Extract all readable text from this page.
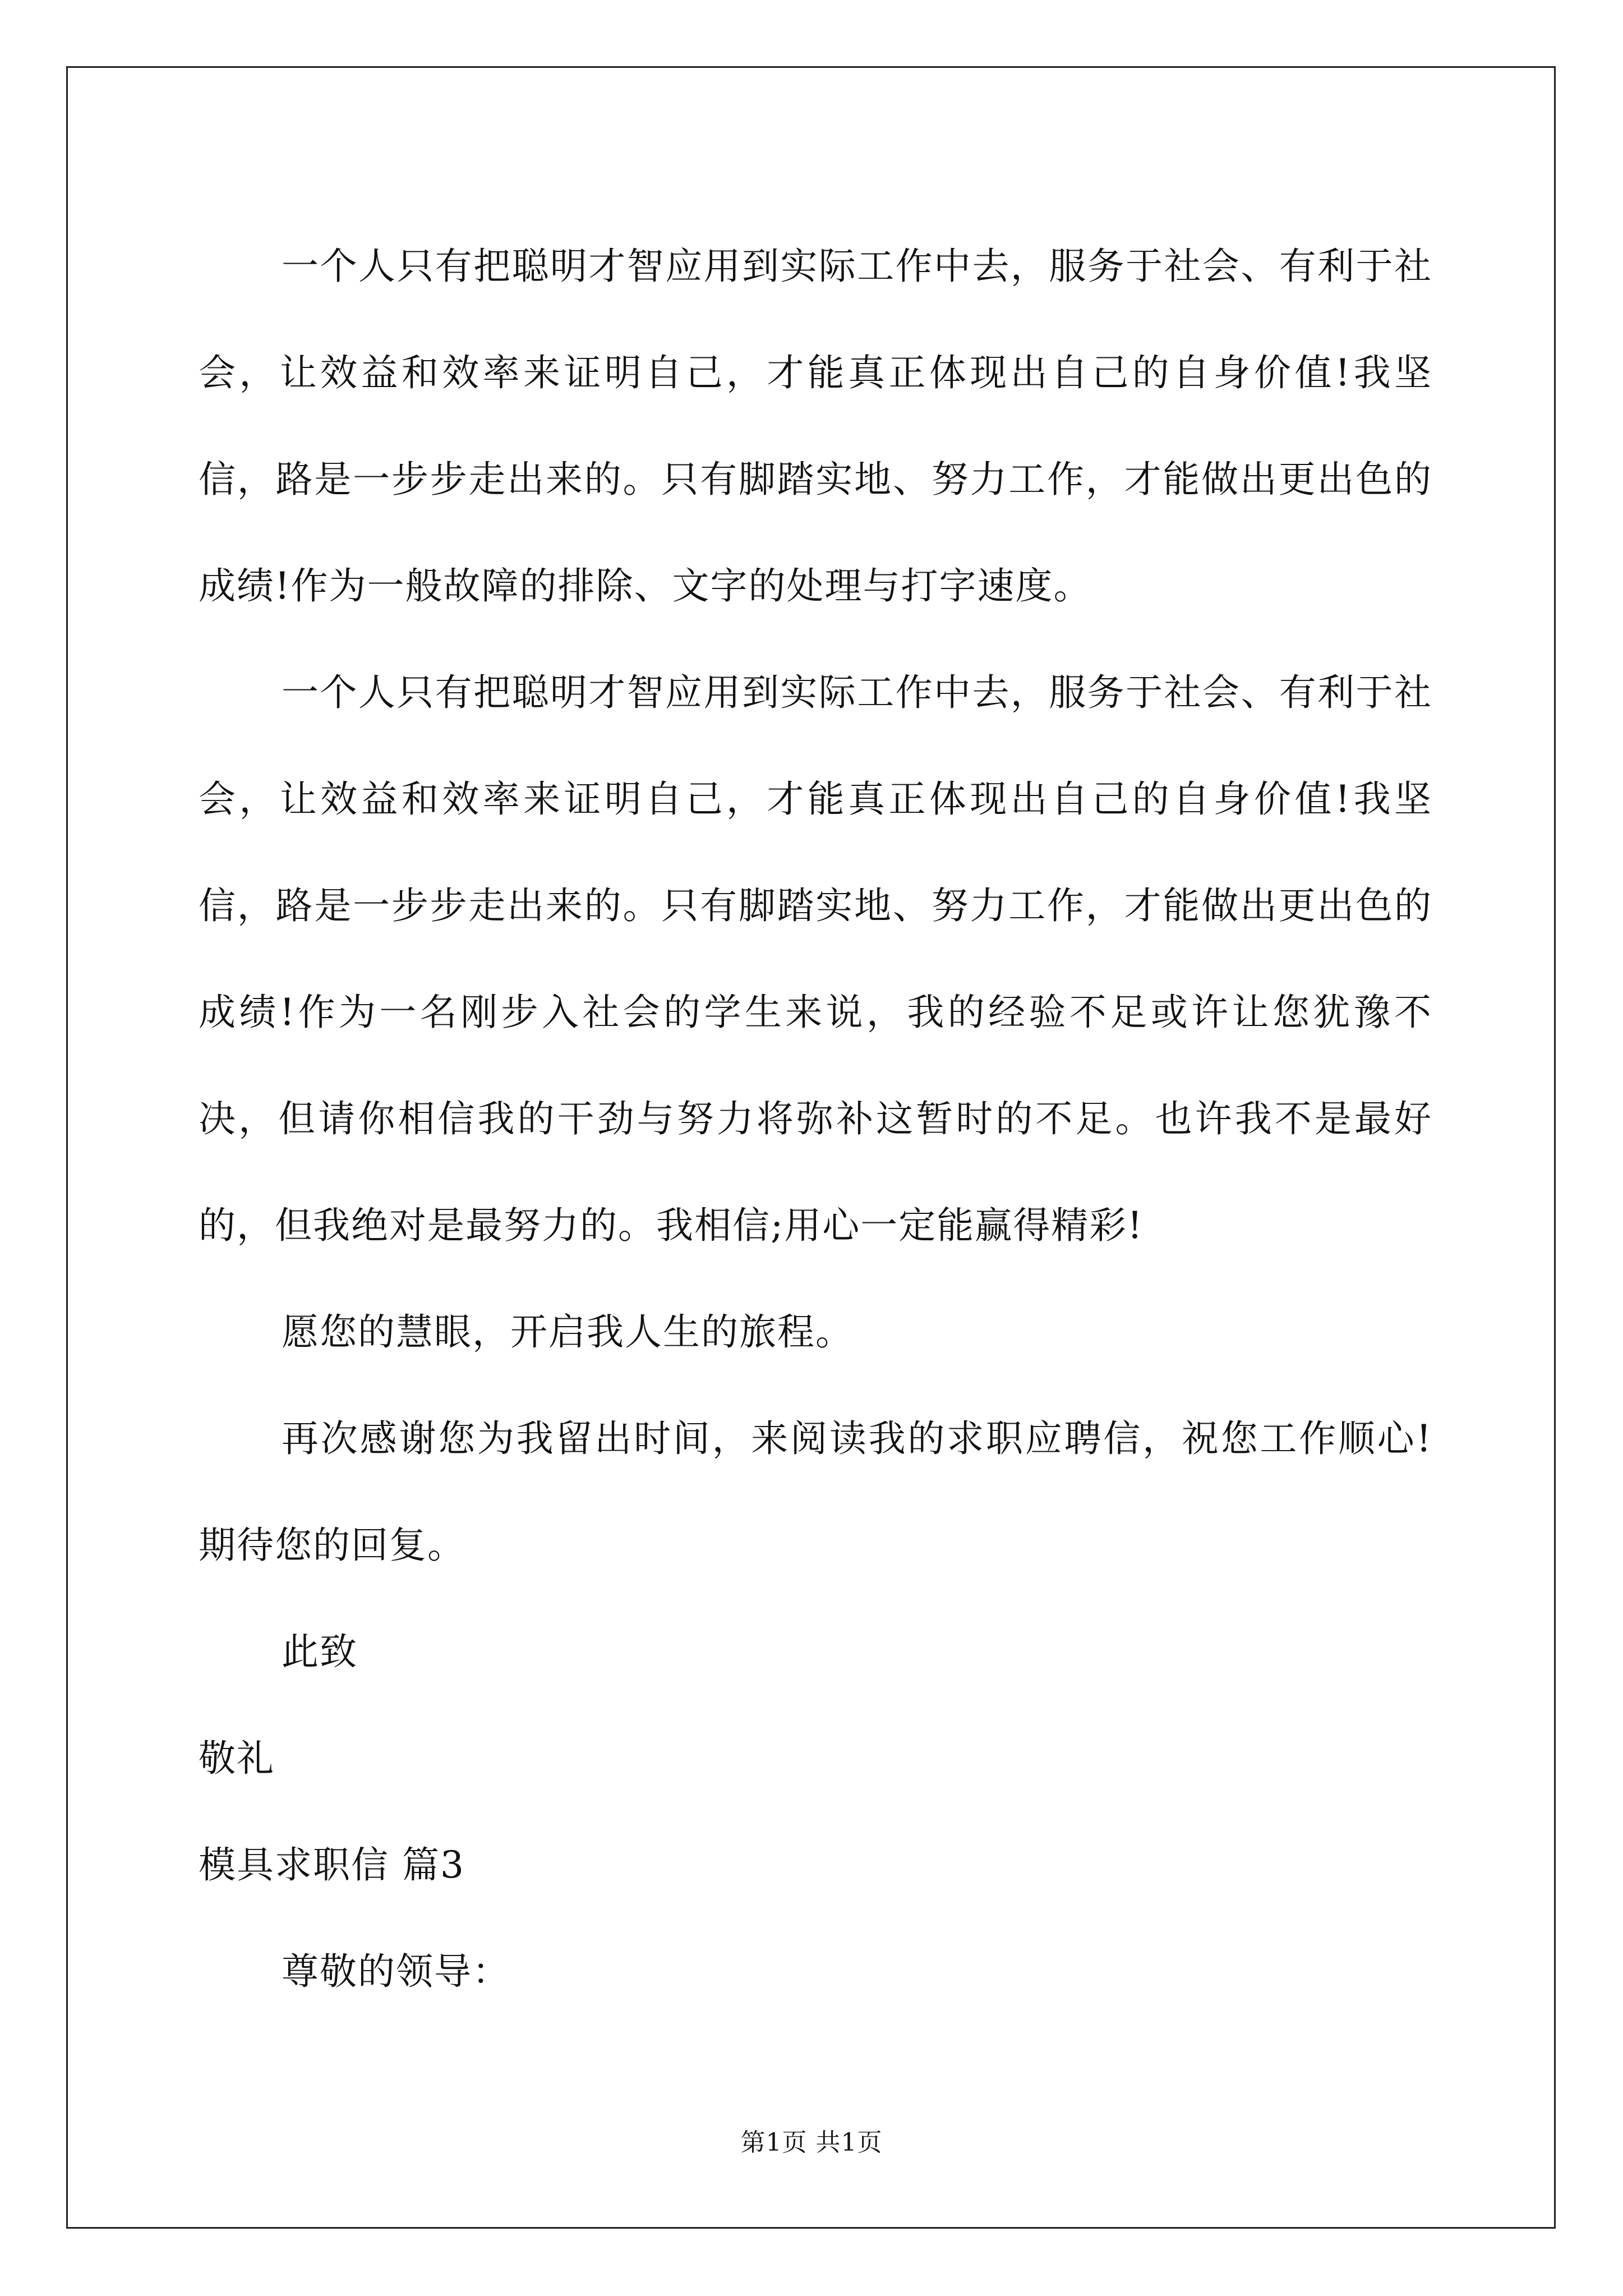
一个人只有把聪明才智应用到实际工作中去，服务于社会、有利于社会，让效益和效率来证明自己，才能真正体现出自己的自身价值!我坚信，路是一步步走出来的。只有脚踏实地、努力工作，才能做出更出色的成绩!作为一般故障的排除、文字的处理与打字速度。

一个人只有把聪明才智应用到实际工作中去，服务于社会、有利于社会，让效益和效率来证明自己，才能真正体现出自己的自身价值!我坚信，路是一步步走出来的。只有脚踏实地、努力工作，才能做出更出色的成绩!作为一名刚步入社会的学生来说，我的经验不足或许让您犹豫不决，但请你相信我的干劲与努力将弥补这暂时的不足。也许我不是最好的，但我绝对是最努力的。我相信;用心一定能赢得精彩!

愿您的慧眼，开启我人生的旅程。

再次感谢您为我留出时间，来阅读我的求职应聘信，祝您工作顺心!期待您的回复。

此致

敬礼

模具求职信 篇3

尊敬的领导：

第1页 共1页
